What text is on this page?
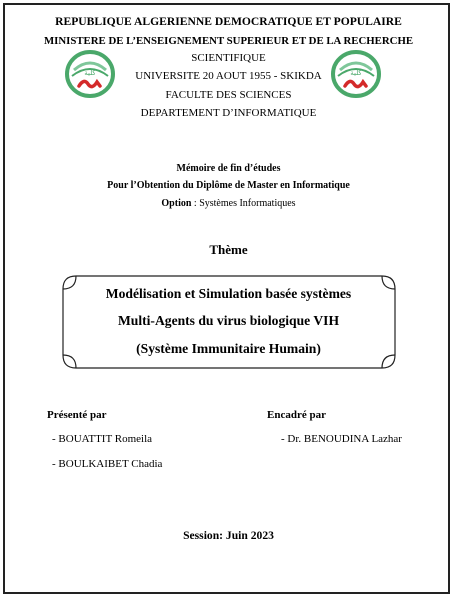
REPUBLIQUE ALGERIENNE DEMOCRATIQUE ET POPULAIRE
MINISTERE DE L’ENSEIGNEMENT SUPERIEUR ET DE LA RECHERCHE
SCIENTIFIQUE
UNIVERSITE 20 AOUT 1955 - SKIKDA
FACULTE DES SCIENCES
DEPARTEMENT D’INFORMATIQUE
ﻛﻠﻴﺔ	ﻛﻠﻴﺔ
Mémoire de fin d’études
Pour l’Obtention du Diplôme de Master en Informatique
Option : Systèmes Informatiques
Thème
Modélisation et Simulation basée systèmes
Multi-Agents du virus biologique VIH
(Système Immunitaire Humain)
Présenté par
- BOUATTIT Romeila
- BOULKAIBET Chadia
Encadré par
- Dr. BENOUDINA Lazhar
Session: Juin 2023
